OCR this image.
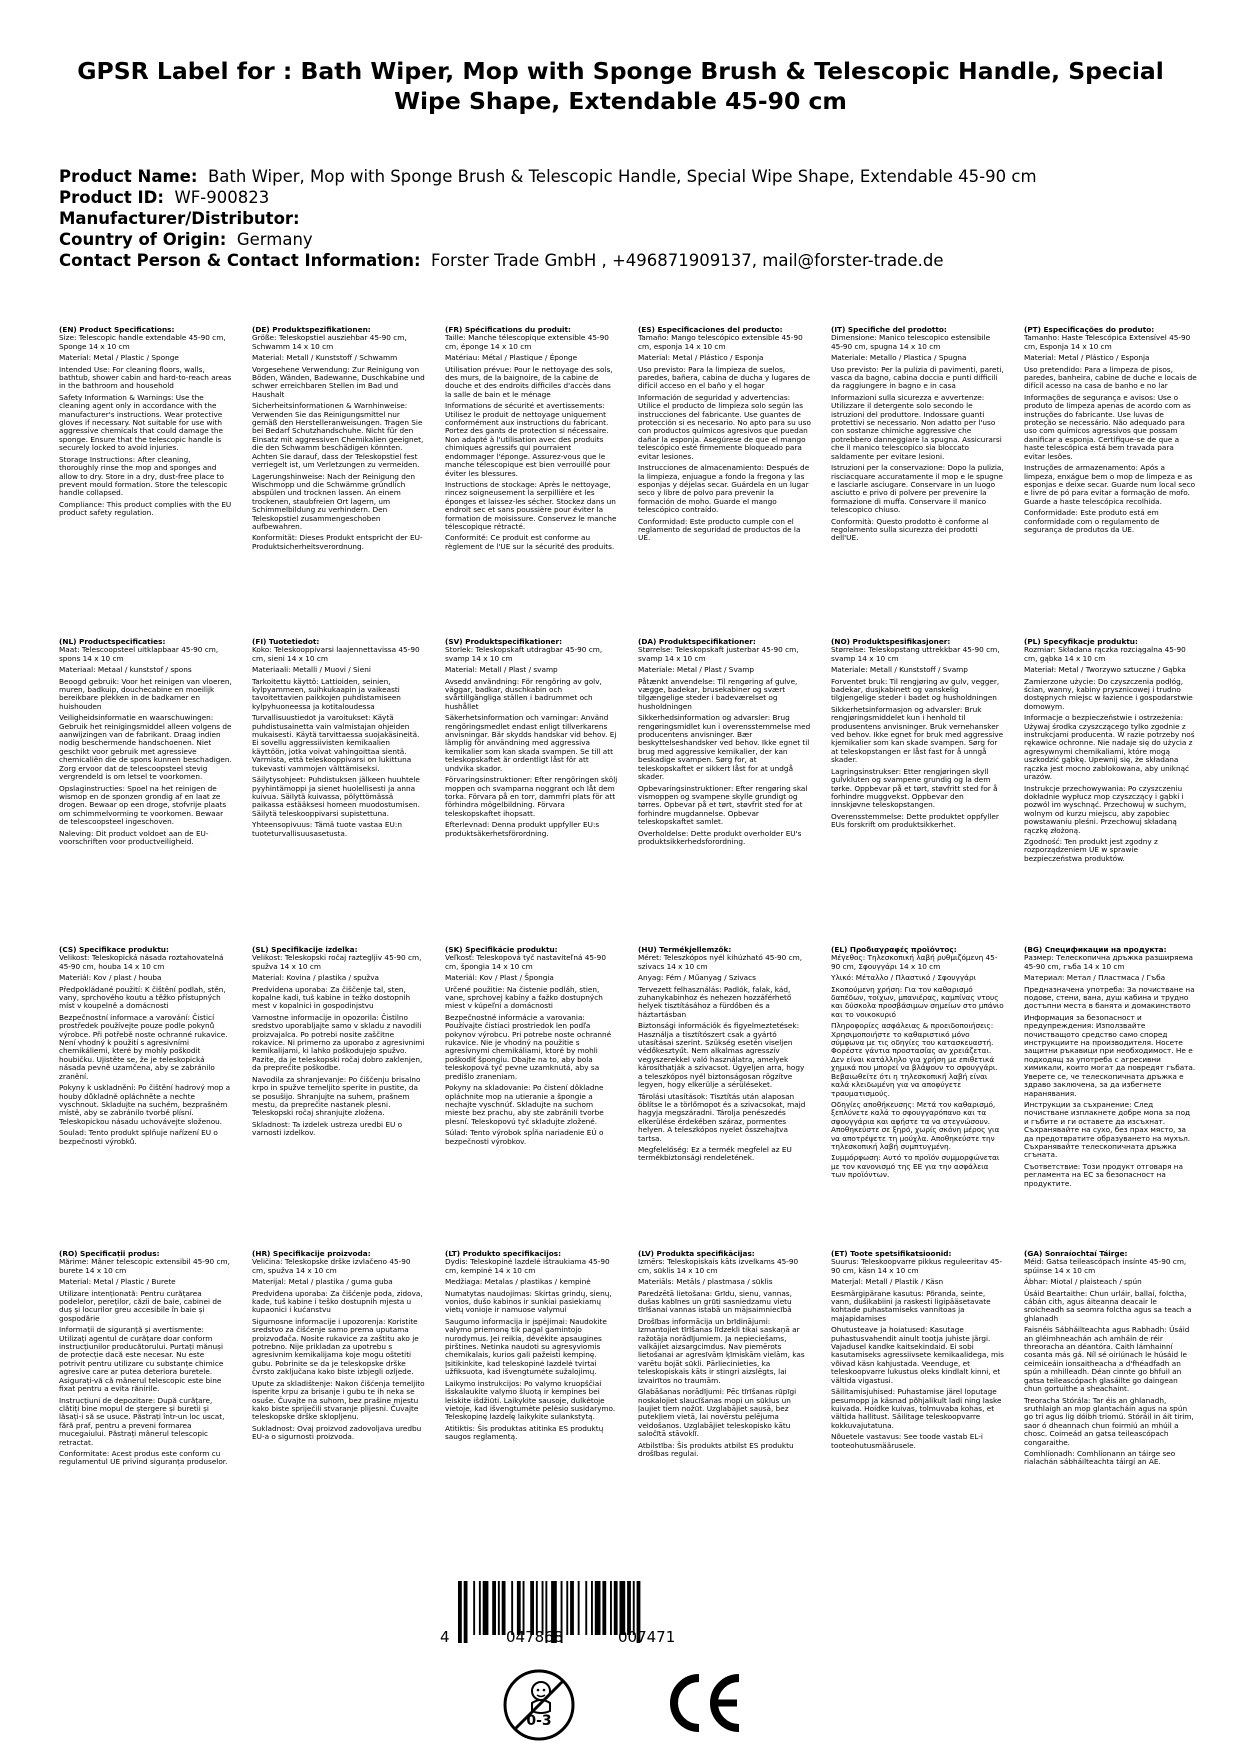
GPSR Label for : Bath Wiper, Mop with Sponge Brush & Telescopic Handle, Special Wipe Shape, Extendable 45-90 cm
Product Name: Bath Wiper, Mop with Sponge Brush & Telescopic Handle, Special Wipe Shape, Extendable 45-90 cm
Product ID: WF-900823
Manufacturer/Distributor:
Country of Origin: Germany
Contact Person & Contact Information: Forster Trade GmbH , +496871909137, mail@forster-trade.de
(EN) Product Specifications:

Size: Telescopic handle extendable 45-90 cm, Sponge 14 x 10 cm

Material: Metal / Plastic / Sponge

Intended Use: For cleaning floors, walls, bathtub, shower cabin and hard-to-reach areas in the bathroom and household

Safety Information & Warnings: Use the cleaning agent only in accordance with the manufacturer's instructions. Wear protective gloves if necessary. Not suitable for use with aggressive chemicals that could damage the sponge. Ensure that the telescopic handle is securely locked to avoid injuries.

Storage Instructions: After cleaning, thoroughly rinse the mop and sponges and allow to dry. Store in a dry, dust-free place to prevent mould formation. Store the telescopic handle collapsed.

Compliance: This product complies with the EU product safety regulation.

(DE) Produktspezifikationen:

Größe: Teleskopstiel ausziehbar 45-90 cm, Schwamm 14 x 10 cm

Material: Metall / Kunststoff / Schwamm

Vorgesehene Verwendung: Zur Reinigung von Böden, Wänden, Badewanne, Duschkabine und schwer erreichbaren Stellen im Bad und Haushalt

Sicherheitsinformationen & Warnhinweise: Verwenden Sie das Reinigungsmittel nur gemäß den Herstelleranweisungen. Tragen Sie bei Bedarf Schutzhandschuhe. Nicht für den Einsatz mit aggressiven Chemikalien geeignet, die den Schwamm beschädigen könnten. Achten Sie darauf, dass der Teleskopstiel fest verriegelt ist, um Verletzungen zu vermeiden.

Lagerungshinweise: Nach der Reinigung den Wischmopp und die Schwämme gründlich abspülen und trocknen lassen. An einem trockenen, staubfreien Ort lagern, um Schimmelbildung zu verhindern. Den Teleskopstiel zusammengeschoben aufbewahren.

Konformität: Dieses Produkt entspricht der EU-Produktsicherheitsverordnung.

(FR) Spécifications du produit:

Taille: Manche télescopique extensible 45-90 cm, éponge 14 x 10 cm

Matériau: Métal / Plastique / Éponge

Utilisation prévue: Pour le nettoyage des sols, des murs, de la baignoire, de la cabine de douche et des endroits difficiles d'accès dans la salle de bain et le ménage

Informations de sécurité et avertissements: Utilisez le produit de nettoyage uniquement conformément aux instructions du fabricant. Portez des gants de protection si nécessaire. Non adapté à l'utilisation avec des produits chimiques agressifs qui pourraient endommager l'éponge. Assurez-vous que le manche télescopique est bien verrouillé pour éviter les blessures.

Instructions de stockage: Après le nettoyage, rincez soigneusement la serpillière et les éponges et laissez-les sécher. Stockez dans un endroit sec et sans poussière pour éviter la formation de moisissure. Conservez le manche télescopique rétracté.

Conformité: Ce produit est conforme au règlement de l'UE sur la sécurité des produits.

(ES) Especificaciones del producto:

Tamaño: Mango telescópico extensible 45-90 cm, esponja 14 x 10 cm

Material: Metal / Plástico / Esponja

Uso previsto: Para la limpieza de suelos, paredes, bañera, cabina de ducha y lugares de difícil acceso en el baño y el hogar

Información de seguridad y advertencias: Utilice el producto de limpieza solo según las instrucciones del fabricante. Use guantes de protección si es necesario. No apto para su uso con productos químicos agresivos que puedan dañar la esponja. Asegúrese de que el mango telescópico esté firmemente bloqueado para evitar lesiones.

Instrucciones de almacenamiento: Después de la limpieza, enjuague a fondo la fregona y las esponjas y déjelas secar. Guárdela en un lugar seco y libre de polvo para prevenir la formación de moho. Guarde el mango telescópico contraído.

Conformidad: Este producto cumple con el reglamento de seguridad de productos de la UE.

(IT) Specifiche del prodotto:

Dimensione: Manico telescopico estensibile 45-90 cm, spugna 14 x 10 cm

Materiale: Metallo / Plastica / Spugna

Uso previsto: Per la pulizia di pavimenti, pareti, vasca da bagno, cabina doccia e punti difficili da raggiungere in bagno e in casa

Informazioni sulla sicurezza e avvertenze: Utilizzare il detergente solo secondo le istruzioni del produttore. Indossare guanti protettivi se necessario. Non adatto per l'uso con sostanze chimiche aggressive che potrebbero danneggiare la spugna. Assicurarsi che il manico telescopico sia bloccato saldamente per evitare lesioni.

Istruzioni per la conservazione: Dopo la pulizia, risciacquare accuratamente il mop e le spugne e lasciarle asciugare. Conservare in un luogo asciutto e privo di polvere per prevenire la formazione di muffa. Conservare il manico telescopico chiuso.

Conformità: Questo prodotto è conforme al regolamento sulla sicurezza dei prodotti dell'UE.

(PT) Especificações do produto:

Tamanho: Haste Telescópica Extensível 45-90 cm, Esponja 14 x 10 cm

Material: Metal / Plástico / Esponja

Uso pretendido: Para a limpeza de pisos, paredes, banheira, cabine de duche e locais de difícil acesso na casa de banho e no lar

Informações de segurança e avisos: Use o produto de limpeza apenas de acordo com as instruções do fabricante. Use luvas de proteção se necessário. Não adequado para uso com químicos agressivos que possam danificar a esponja. Certifique-se de que a haste telescópica está bem travada para evitar lesões.

Instruções de armazenamento: Após a limpeza, enxágue bem o mop de limpeza e as esponjas e deixe secar. Guarde num local seco e livre de pó para evitar a formação de mofo. Guarde a haste telescópica recolhida.

Conformidade: Este produto está em conformidade com o regulamento de segurança de produtos da UE.

(NL) Productspecificaties:

Maat: Telescoopsteel uitklapbaar 45-90 cm, spons 14 x 10 cm

Materiaal: Metaal / kunststof / spons

Beoogd gebruik: Voor het reinigen van vloeren, muren, badkuip, douchecabine en moeilijk bereikbare plekken in de badkamer en huishouden

Veiligheidsinformatie en waarschuwingen: Gebruik het reinigingsmiddel alleen volgens de aanwijzingen van de fabrikant. Draag indien nodig beschermende handschoenen. Niet geschikt voor gebruik met agressieve chemicaliën die de spons kunnen beschadigen. Zorg ervoor dat de telescoopsteel stevig vergrendeld is om letsel te voorkomen.

Opslaginstructies: Spoel na het reinigen de wismop en de sponzen grondig af en laat ze drogen. Bewaar op een droge, stofvrije plaats om schimmelvorming te voorkomen. Bewaar de telescoopsteel ingeschoven.

Naleving: Dit product voldoet aan de EU-voorschriften voor productveiligheid.

(FI) Tuotetiedot:

Koko: Teleskooppivarsi laajennettavissa 45-90 cm, sieni 14 x 10 cm

Materiaali: Metalli / Muovi / Sieni

Tarkoitettu käyttö: Lattioiden, seinien, kylpyammeen, suihkukaapin ja vaikeasti tavoitettavien paikkojen puhdistamiseen kylpyhuoneessa ja kotitaloudessa

Turvallisuustiedot ja varoitukset: Käytä puhdistusainetta vain valmistajan ohjeiden mukaisesti. Käytä tarvittaessa suojakäsineitä. Ei sovellu aggressiivisten kemikaalien käyttöön, jotka voivat vahingoittaa sientä. Varmista, että teleskooppivarsi on lukittuna tukevasti vammojen välttämiseksi.

Säilytysohjeet: Puhdistuksen jälkeen huuhtele pyyhintämoppi ja sienet huolellisesti ja anna kuivua. Säilytä kuivassa, pölyttömässä paikassa estääksesi homeen muodostumisen. Säilytä teleskooppivarsi supistettuna.

Yhteensopivuus: Tämä tuote vastaa EU:n tuoteturvallisuusasetusta.

(SV) Produktspecifikationer:

Storlek: Teleskopskaft utdragbar 45-90 cm, svamp 14 x 10 cm

Material: Metall / Plast / svamp

Avsedd användning: För rengöring av golv, väggar, badkar, duschkabin och svårtillgängliga ställen i badrummet och hushållet

Säkerhetsinformation och varningar: Använd rengöringsmedlet endast enligt tillverkarens anvisningar. Bär skydds handskar vid behov. Ej lämplig för användning med aggressiva kemikalier som kan skada svampen. Se till att teleskopskaftet är ordentligt låst för att undvika skador.

Förvaringsinstruktioner: Efter rengöringen skölj moppen och svamparna noggrant och låt dem torka. Förvara på en torr, dammfri plats för att förhindra mögelbildning. Förvara teleskopskaftet ihopsatt.

Efterlevnad: Denna produkt uppfyller EU:s produktsäkerhetsförordning.

(DA) Produktspecifikationer:

Størrelse: Teleskopskaft justerbar 45-90 cm, svamp 14 x 10 cm

Materiale: Metal / Plast / Svamp

Påtænkt anvendelse: Til rengøring af gulve, vægge, badekar, brusekabiner og svært tilgængelige steder i badeværelset og husholdningen

Sikkerhedsinformation og advarsler: Brug rengøringsmidlet kun i overensstemmelse med producentens anvisninger. Bær beskyttelseshandsker ved behov. Ikke egnet til brug med aggressive kemikalier, der kan beskadige svampen. Sørg for, at teleskopskaftet er sikkert låst for at undgå skader.

Opbevaringsinstruktioner: Efter rengøring skal vismoppen og svampene skylle grundigt og tørres. Opbevar på et tørt, støvfrit sted for at forhindre mugdannelse. Opbevar teleskopskaftet samlet.

Overholdelse: Dette produkt overholder EU's produktsikkerhedsforordning.

(NO) Produktspesifikasjoner:

Størrelse: Teleskopstang uttrekkbar 45-90 cm, svamp 14 x 10 cm

Materiale: Metall / Kunststoff / Svamp

Forventet bruk: Til rengjøring av gulv, vegger, badekar, dusjkabinett og vanskelig tilgjengelige steder i badet og husholdningen

Sikkerhetsinformasjon og advarsler: Bruk rengjøringsmiddelet kun i henhold til produsentens anvisninger. Bruk vernehansker ved behov. Ikke egnet for bruk med aggressive kjemikalier som kan skade svampen. Sørg for at teleskopstangen er låst fast for å unngå skader.

Lagringsinstrukser: Etter rengjøringen skyll gulvkluten og svampene grundig og la dem tørke. Oppbevar på et tørt, støvfritt sted for å forhindre muggvekst. Oppbevar den innskjøvne teleskopstangen.

Overensstemmelse: Dette produktet oppfyller EUs forskrift om produktsikkerhet.

(PL) Specyfikacje produktu:

Rozmiar: Składana rączka rozciągalna 45-90 cm, gąbka 14 x 10 cm

Materiał: Metal / Tworzywo sztuczne / Gąbka

Zamierzone użycie: Do czyszczenia podłóg, ścian, wanny, kabiny prysznicowej i trudno dostępnych miejsc w łazience i gospodarstwie domowym.

Informacje o bezpieczeństwie i ostrzeżenia: Używaj środka czyszczącego tylko zgodnie z instrukcjami producenta. W razie potrzeby noś rękawice ochronne. Nie nadaje się do użycia z agresywnymi chemikaliami, które mogą uszkodzić gąbkę. Upewnij się, że składana rączka jest mocno zablokowana, aby uniknąć urazów.

Instrukcje przechowywania: Po czyszczeniu dokładnie wypłucz mop czyszczący i gąbki i pozwól im wyschnąć. Przechowuj w suchym, wolnym od kurzu miejscu, aby zapobiec powstawaniu pleśni. Przechowuj składaną rączkę złożoną.

Zgodność: Ten produkt jest zgodny z rozporządzeniem UE w sprawie bezpieczeństwa produktów.

(CS) Specifikace produktu:

Velikost: Teleskopická násada roztahovatelná 45-90 cm, houba 14 x 10 cm

Materiál: Kov / plast / houba

Předpokládané použití: K čištění podlah, stěn, vany, sprchového koutu a těžko přístupných míst v koupelně a domácnosti

Bezpečnostní informace a varování: Čisticí prostředek používejte pouze podle pokynů výrobce. Při potřebě noste ochranné rukavice. Není vhodný k použití s agresivními chemikáliemi, které by mohly poškodit houbičku. Ujistěte se, že je teleskopická násada pevně uzamčena, aby se zabránilo zranění.

Pokyny k uskladnění: Po čištění hadrový mop a houby důkladně opláchněte a nechte vyschnout. Skladujte na suchém, bezprašném místě, aby se zabránilo tvorbě plísní. Teleskopickou násadu uchovávejte složenou.

Soulad: Tento produkt splňuje nařízení EU o bezpečnosti výrobků.

(SL) Specifikacije izdelka:

Velikost: Teleskopski ročaj raztegljiv 45-90 cm, spužva 14 x 10 cm

Material: Kovina / plastika / spužva

Predvidena uporaba: Za čiščenje tal, sten, kopalne kadi, tuš kabine in težko dostopnih mest v kopalnici in gospodinjstvu

Varnostne informacije in opozorila: Čistilno sredstvo uporabljajte samo v skladu z navodili proizvajalca. Po potrebi nosite zaščitne rokavice. Ni primerno za uporabo z agresivnimi kemikalijami, ki lahko poškodujejo spužvo. Pazite, da je teleskopski ročaj dobro zaklenjen, da preprečite poškodbe.

Navodila za shranjevanje: Po čiščenju brisalno krpo in spužve temeljito sperite in pustite, da se posušijo. Shranjujte na suhem, prašnem mestu, da preprečite nastanek plesni. Teleskopski ročaj shranjujte zložena.

Skladnost: Ta izdelek ustreza uredbi EU o varnosti izdelkov.

(SK) Špecifikácie produktu:

Veľkosť: Teleskopová tyč nastaviteľná 45-90 cm, špongia 14 x 10 cm

Materiál: Kov / Plast / Špongia

Určené použitie: Na čistenie podláh, stien, vane, sprchovej kabíny a ťažko dostupných miest v kúpeľni a domácnosti

Bezpečnostné informácie a varovania: Používajte čistiaci prostriedok len podľa pokynov výrobcu. Pri potrebe noste ochranné rukavice. Nie je vhodný na použitie s agresívnymi chemikáliami, ktoré by mohli poškodiť špongiu. Dbajte na to, aby bola teleskopová tyč pevne uzamknutá, aby sa predišlo zraneniam.

Pokyny na skladovanie: Po čistení dôkladne opláchnite mop na utieranie a špongie a nechajte vyschnúť. Skladujte na suchom mieste bez prachu, aby ste zabránili tvorbe plesní. Teleskopovú tyč skladujte zložené.

Súlad: Tento výrobok spĺňa nariadenie EÚ o bezpečnosti výrobkov.

(HU) Termékjellemzők:

Méret: Teleszkópos nyél kihúzható 45-90 cm, szivacs 14 x 10 cm

Anyag: Fém / Műanyag / Szivacs

Tervezett felhasználás: Padlók, falak, kád, zuhanykabinhoz és nehezen hozzáférhető helyek tisztításához a fürdőben és a háztartásban

Biztonsági információk és figyelmeztetések: Használja a tisztítószert csak a gyártó utasításai szerint. Szükség esetén viseljen védőkesztyűt. Nem alkalmas agresszív vegyszerekkel való használatra, amelyek károsíthatják a szivacsot. Ügyeljen arra, hogy a teleszkópos nyél biztonságosan rögzítve legyen, hogy elkerülje a sérüléseket.

Tárolási utasítások: Tisztítás után alaposan öblítse le a törlőmopot és a szivacsokat, majd hagyja megszáradni. Tárolja penészedés elkerülése érdekében száraz, pormentes helyen. A teleszkópos nyelet összehajtva tartsa.

Megfelelőség: Ez a termék megfelel az EU termékbiztonsági rendeletének.

(EL) Προδιαγραφές προϊόντος:

Μέγεθος: Τηλεσκοπική λαβή ρυθμιζόμενη 45-90 cm, Σφουγγάρι 14 x 10 cm

Υλικό: Μέταλλο / Πλαστικό / Σφουγγάρι

Σκοπούμενη χρήση: Για τον καθαρισμό δαπέδων, τοίχων, μπανιέρας, καμπίνας ντους και δύσκολα προσβάσιμων σημείων στο μπάνιο και το νοικοκυριό

Πληροφορίες ασφάλειας & προειδοποιήσεις: Χρησιμοποιήστε το καθαριστικό μόνο σύμφωνα με τις οδηγίες του κατασκευαστή. Φορέστε γάντια προστασίας αν χρειάζεται. Δεν είναι κατάλληλο για χρήση με επιθετικά χημικά που μπορεί να βλάψουν το σφουγγάρι. Βεβαιωθείτε ότι η τηλεσκοπική λαβή είναι καλά κλειδωμένη για να αποφύγετε τραυματισμούς.

Οδηγίες αποθήκευσης: Μετά τον καθαρισμό, ξεπλύνετε καλά το σφουγγαρόπανο και τα σφουγγάρια και αφήστε τα να στεγνώσουν. Αποθηκεύστε σε ξηρό, χωρίς σκόνη μέρος για να αποτρέψετε τη μούχλα. Αποθηκεύστε την τηλεσκοπική λαβή συμπτυγμένη.

Συμμόρφωση: Αυτό το προϊόν συμμορφώνεται με τον κανονισμό της ΕΕ για την ασφάλεια των προϊόντων.

(BG) Спецификации на продукта:

Размер: Телескопична дръжка разширяема 45-90 cm, гъба 14 x 10 cm

Материал: Метал / Пластмаса / Гъба

Предназначена употреба: За почистване на подове, стени, вана, душ кабина и трудно достъпни места в банята и домакинството

Информация за безопасност и предупреждения: Използвайте почистващото средство само според инструкциите на производителя. Носете защитни ръкавици при необходимост. Не е подходящ за употреба с агресивни химикали, които могат да повредят гъбата. Уверете се, че телескопичната дръжка е здраво заключена, за да избегнете наранявания.

Инструкции за съхранение: След почистване изплакнете добре мопа за под и гъбите и ги оставете да изсъхнат. Съхранявайте на сухо, без прах място, за да предотвратите образуването на мухъл. Съхранявайте телескопичната дръжка сгъната.

Съответствие: Този продукт отговаря на регламента на ЕС за безопасност на продуктите.

(RO) Specificații produs:

Mărime: Mâner telescopic extensibil 45-90 cm, burete 14 x 10 cm

Material: Metal / Plastic / Burete

Utilizare intenționată: Pentru curățarea podelelor, pereților, căzii de baie, cabinei de duș și locurilor greu accesibile în baie și gospodărie

Informații de siguranță și avertismente: Utilizați agentul de curățare doar conform instrucțiunilor producătorului. Purtați mănuși de protecție dacă este necesar. Nu este potrivit pentru utilizare cu substanțe chimice agresive care ar putea deteriora buretele. Asigurați-vă că mânerul telescopic este bine fixat pentru a evita rănirile.

Instrucțiuni de depozitare: După curățare, clătiți bine mopul de ștergere și buretii și lăsați-i să se usuce. Păstrați într-un loc uscat, fără praf, pentru a preveni formarea mucegaiului. Păstrați mânerul telescopic retractat.

Conformitate: Acest produs este conform cu regulamentul UE privind siguranța produselor.

(HR) Specifikacije proizvoda:

Veličina: Teleskopske drške izvlačenо 45-90 cm, spužva 14 x 10 cm

Materijal: Metal / plastika / guma guba

Predviđena uporaba: Za čišćenje poda, zidova, kade, tuš kabine i teško dostupnih mjesta u kupaonici i kućanstvu

Sigurnosne informacije i upozorenja: Koristite sredstvo za čišćenje samo prema uputama proizvođača. Nosite rukavice za zaštitu ako je potrebno. Nije prikladan za upotrebu s agresivnim kemikalijama koje mogu oštetiti gubu. Pobrinite se da je teleskopske drške čvrsto zaključana kako biste izbjegli ozljede.

Upute za skladištenje: Nakon čišćenja temeljito isperite krpu za brisanje i gubu te ih neka se osuše. Čuvajte na suhom, bez prašine mjestu kako biste spriječili stvaranje plijesni. Čuvajte teleskopske drške sklopljenu.

Sukladnost: Ovaj proizvod zadovoljava uredbu EU-a o sigurnosti proizvoda.

(LT) Produkto specifikacijos:

Dydis: Teleskopinė lazdelė ištraukiama 45-90 cm, kempinė 14 x 10 cm

Medžiaga: Metalas / plastikas / kempinė

Numatytas naudojimas: Skirtas grindų, sienų, vonios, dušo kabinos ir sunkiai pasiekiamų vietų vonioje ir namuose valymui

Saugumo informacija ir įspėjimai: Naudokite valymo priemonę tik pagal gamintojo nurodymus. Jei reikia, dėvėkite apsaugines pirštines. Netinka naudoti su agresyviomis chemikalais, kurios gali pažeisti kempinę. Įsitikinkite, kad teleskopinė lazdelė tvirtai užfiksuota, kad išvengtumėte sužalojimų.

Laikymo instrukcijos: Po valymo kruopščiai išskalaukite valymo šluotą ir kempines bei leiskite išdžiūti. Laikykite sausoje, dulkėtoje vietoje, kad išvengtumėte pelėsio susidarymo. Teleskopinę lazdelę laikykite sulankstytą.

Atitiktis: Šis produktas atitinka ES produktų saugos reglamentą.

(LV) Produkta specifikācijas:

Izmērs: Teleskopiskais kāts izvelkams 45-90 cm, sūklis 14 x 10 cm

Materiāls: Metāls / plastmasa / sūklis

Paredzētā lietošana: Grīdu, sienu, vannas, dušas kabīnes un grūti sasniedzamu vietu tīrīšanai vannas istabā un mājsaimniecībā

Drošības informācija un brīdinājumi: Izmantojiet tīrīšanas līdzekli tikai saskaņā ar ražotāja norādījumiem. Ja nepieciešams, valkājiet aizsargcimdus. Nav piemērots lietošanai ar agresīvām ķīmiskām vielām, kas varētu bojāt sūkli. Pārliecinieties, ka teleskopiskais kāts ir stingri aizslēgts, lai izvairītos no traumām.

Glabāšanas norādījumi: Pēc tīrīšanas rūpīgi noskalojiet slaucīšanas mopi un sūklus un ļaujiet tiem nožūt. Uzglabājiet sausā, bez putekļiem vietā, lai novērstu pelējuma veidošanos. Uzglabājiet teleskopisko kātu saločītā stāvoklī.

Atbilstība: Šis produkts atbilst ES produktu drošības regulai.

(ET) Toote spetsifikatsioonid:

Suurus: Teleskoopvarre pikkus reguleeritav 45-90 cm, käsn 14 x 10 cm

Materjal: Metall / Plastik / Käsn

Eesmärgipärane kasutus: Põranda, seinte, vann, dušikabiini ja raskesti ligipääsetavate kohtade puhastamiseks vannitoas ja majapidamises

Ohutusteave ja hoiatused: Kasutage puhastusvahendit ainult tootja juhiste järgi. Vajadusel kandke kaitsekindaid. Ei sobi kasutamiseks agressiivsete kemikaalidega, mis võivad käsn kahjustada. Veenduge, et teleskoopvarre lukustus oleks kindlalt kinni, et vältida vigastusi.

Säilitamisjuhised: Puhastamise järel loputage pesumopp ja käsnad põhjalikult ladi ning laske kuivada. Hoidke kuivas, tolmuvaba kohas, et vältida hallitust. Säilitage teleskoopvarre kokkuvajutatuna.

Nõuetele vastavus: See toode vastab EL-i tooteohutusmäärusele.

(GA) Sonraíochtaí Táirge:

Méid: Gatsa teileascópach insínte 45-90 cm, spúinse 14 x 10 cm

Ábhar: Miotal / plaisteach / spún

Úsáid Beartaithe: Chun urláir, ballaí, folctha, cábán cith, agus áiteanna deacair le sroicheadh sa seomra folctha agus sa teach a ghlanadh

Faisnéis Sábháilteachta agus Rabhadh: Úsáid an gléimhneachán ach amháin de réir threoracha an déantóra. Caith lámhainní cosanta más gá. Níl sé oiriúnach le húsáid le ceimiceáin ionsaitheacha a d'fhéadfadh an spún a mhilleadh. Déan cinnte go bhfuil an gatsa teileascópach glasáilte go daingean chun gortuithe a sheachaint.

Treoracha Stórála: Tar éis an ghlanadh, sruthlaigh an mop glantacháin agus na spún go trí agus lig dóibh triomú. Stóráil in áit tirim, saor ó dheannach chun foirmiú an mhúil a chosc. Coimeád an gatsa teileascópach congaraithe.

Comhlíonadh: Comhlíonann an táirge seo rialachán sábháilteachta táirgí an AE.

4	047868	007471
0-3
